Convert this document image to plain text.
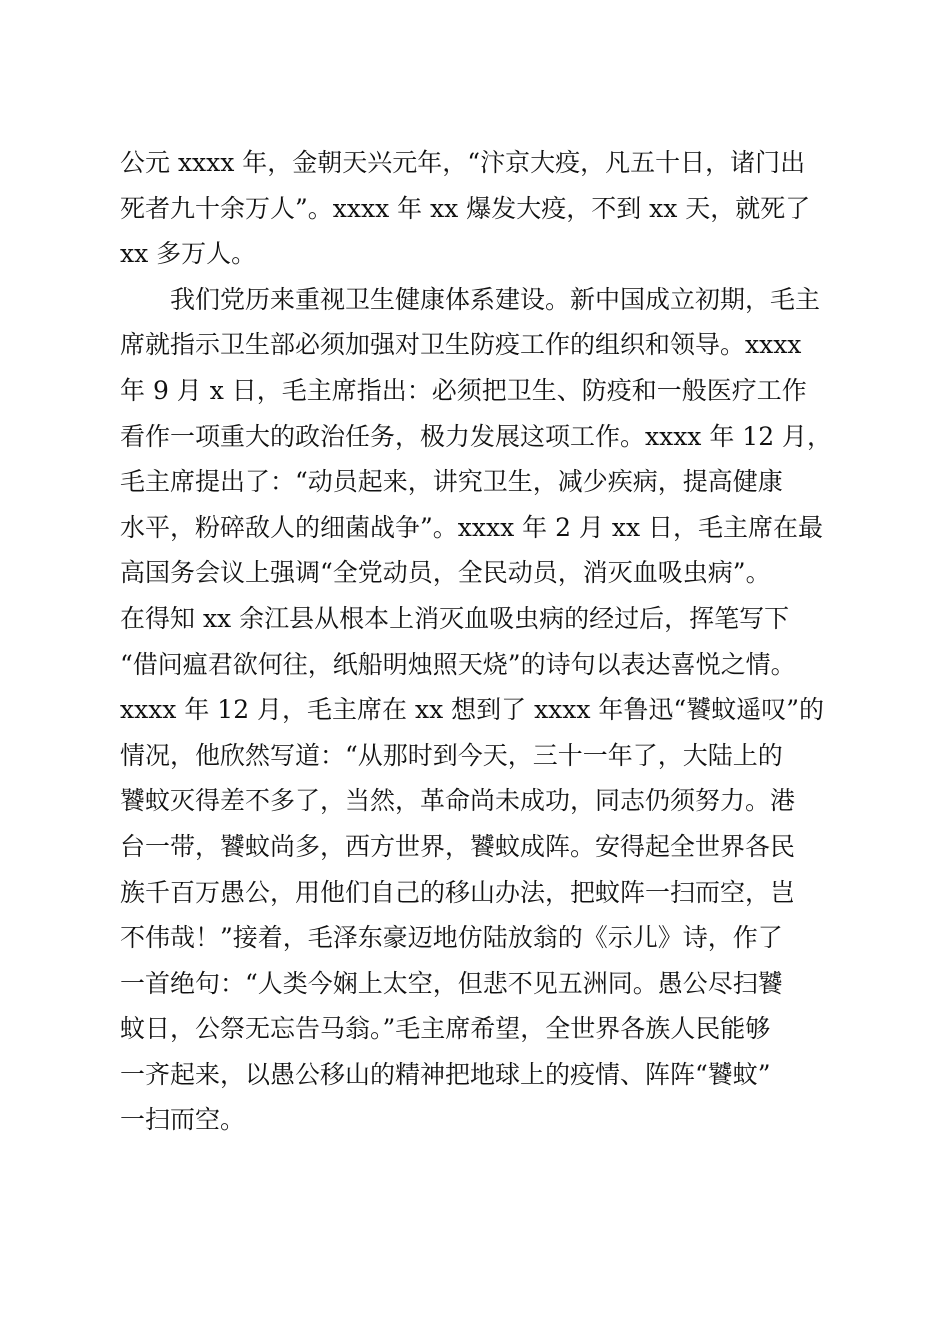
公元 xxxx 年，金朝天兴元年，“汴京大疫，凡五十日，诸门出
死者九十余万人”。xxxx 年 xx 爆发大疫，不到 xx 天，就死了
xx 多万人。

我们党历来重视卫生健康体系建设。新中国成立初期，毛主
席就指示卫生部必须加强对卫生防疫工作的组织和领导。xxxx
年 9 月 x 日，毛主席指出：必须把卫生、防疫和一般医疗工作
看作一项重大的政治任务，极力发展这项工作。xxxx 年 12 月，
毛主席提出了：“动员起来，讲究卫生，减少疾病，提高健康
水平，粉碎敌人的细菌战争”。xxxx 年 2 月 xx 日，毛主席在最
高国务会议上强调“全党动员，全民动员，消灭血吸虫病”。
在得知 xx 余江县从根本上消灭血吸虫病的经过后，挥笔写下
“借问瘟君欲何往，纸船明烛照天烧”的诗句以表达喜悦之情。
xxxx 年 12 月，毛主席在 xx 想到了 xxxx 年鲁迅“饕蚊遥叹”的
情况，他欣然写道：“从那时到今天，三十一年了，大陆上的
饕蚊灭得差不多了，当然，革命尚未成功，同志仍须努力。港
台一带，饕蚊尚多，西方世界，饕蚊成阵。安得起全世界各民
族千百万愚公，用他们自己的移山办法，把蚊阵一扫而空，岂
不伟哉！”接着，毛泽东豪迈地仿陆放翁的《示儿》诗，作了
一首绝句：“人类今娴上太空，但悲不见五洲同。愚公尽扫饕
蚊日，公祭无忘告马翁。”毛主席希望，全世界各族人民能够
一齐起来，以愚公移山的精神把地球上的疫情、阵阵“饕蚊”
一扫而空。
